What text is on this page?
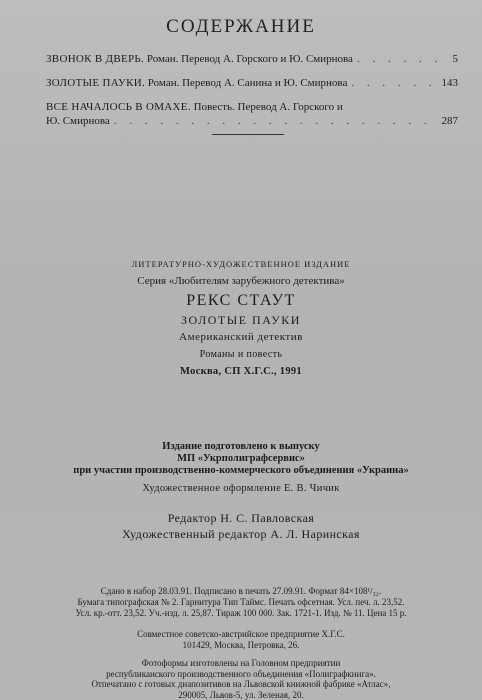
СОДЕРЖАНИЕ
ЗВОНОК В ДВЕРЬ. Роман. Перевод А. Горского и Ю. Смирнова . . .	5
ЗОЛОТЫЕ ПАУКИ. Роман. Перевод А. Санина и Ю. Смирнова . . .	143
ВСЕ НАЧАЛОСЬ В ОМАХЕ. Повесть. Перевод А. Горского и
Ю. Смирнова . . .	287
ЛИТЕРАТУРНО-ХУДОЖЕСТВЕННОЕ ИЗДАНИЕ
Серия «Любителям зарубежного детектива»
РЕКС СТАУТ
ЗОЛОТЫЕ ПАУКИ
Американский детектив
Романы и повесть
Москва, СП Х.Г.С., 1991
Издание подготовлено к выпуску
МП «Укрполиграфсервис»
при участии производственно-коммерческого объединения «Украина»
Художественное оформление Е. В. Чичик
Редактор Н. С. Павловская
Художественный редактор А. Л. Наринская
Сдано в набор 28.03.91. Подписано в печать 27.09.91. Формат 84×108¹/₃₂.
Бумага типографская № 2. Гарнитура Тип Таймс. Печать офсетная. Усл. печ. л. 23,52.
Усл. кр.-отт. 23,52. Уч.-изд. л. 25,87. Тираж 100 000. Зак. 1721-1. Изд. № 11. Цена 15 р.
Совместное советско-австрийское предприятие Х.Г.С.
101429, Москва, Петровка, 26.
Фотоформы изготовлены на Головном предприятии
республиканского производственного объединения «Полиграфкнига».
Отпечатано с готовых диапозитивов на Львовской книжной фабрике «Атлас»,
290005, Львов-5, ул. Зеленая, 20.
